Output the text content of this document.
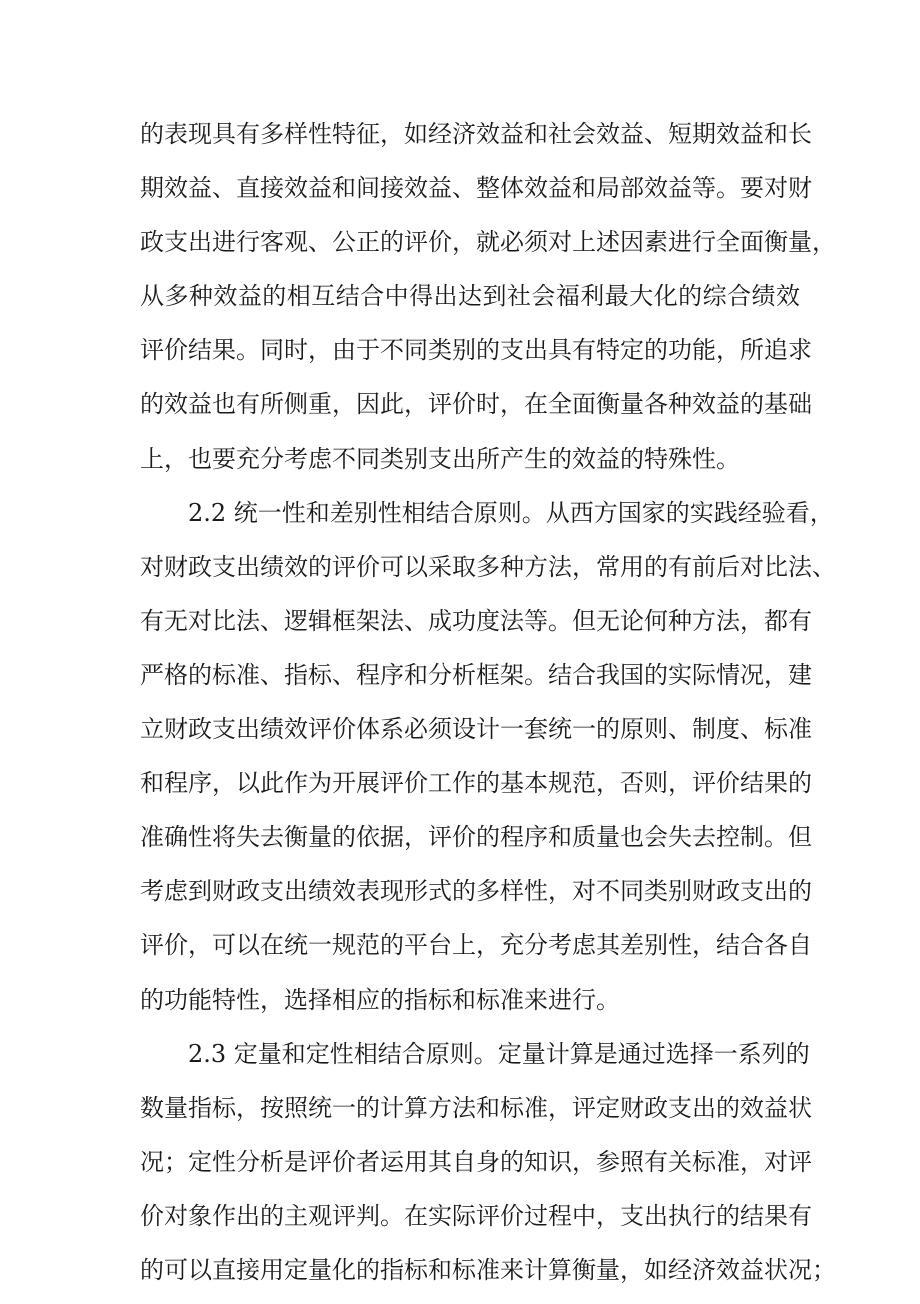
的表现具有多样性特征，如经济效益和社会效益、短期效益和长
期效益、直接效益和间接效益、整体效益和局部效益等。要对财
政支出进行客观、公正的评价，就必须对上述因素进行全面衡量，
从多种效益的相互结合中得出达到社会福利最大化的综合绩效
评价结果。同时，由于不同类别的支出具有特定的功能，所追求
的效益也有所侧重，因此，评价时，在全面衡量各种效益的基础
上，也要充分考虑不同类别支出所产生的效益的特殊性。
2.2 统一性和差别性相结合原则。从西方国家的实践经验看，
对财政支出绩效的评价可以采取多种方法，常用的有前后对比法、
有无对比法、逻辑框架法、成功度法等。但无论何种方法，都有
严格的标准、指标、程序和分析框架。结合我国的实际情况，建
立财政支出绩效评价体系必须设计一套统一的原则、制度、标准
和程序，以此作为开展评价工作的基本规范，否则，评价结果的
准确性将失去衡量的依据，评价的程序和质量也会失去控制。但
考虑到财政支出绩效表现形式的多样性，对不同类别财政支出的
评价，可以在统一规范的平台上，充分考虑其差别性，结合各自
的功能特性，选择相应的指标和标准来进行。
2.3 定量和定性相结合原则。定量计算是通过选择一系列的
数量指标，按照统一的计算方法和标准，评定财政支出的效益状
况；定性分析是评价者运用其自身的知识，参照有关标准，对评
价对象作出的主观评判。在实际评价过程中，支出执行的结果有
的可以直接用定量化的指标和标准来计算衡量，如经济效益状况；
